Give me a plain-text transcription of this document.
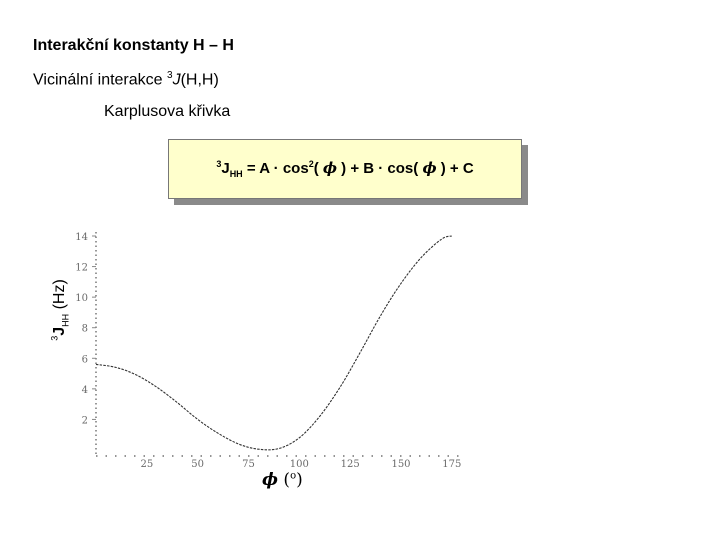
Interakční konstanty H – H
Vicinální interakce $^3$J(H,H)
Karplusova křivka
$^3J_{HH} = A \cdot \cos^2$( ϕ ) + B · cos( ϕ ) + C
2
4
6
8
10
12
14
25	50	75	100	125	150	175
$^3J_{HH}$ (Hz)
ϕ ($^o$)
